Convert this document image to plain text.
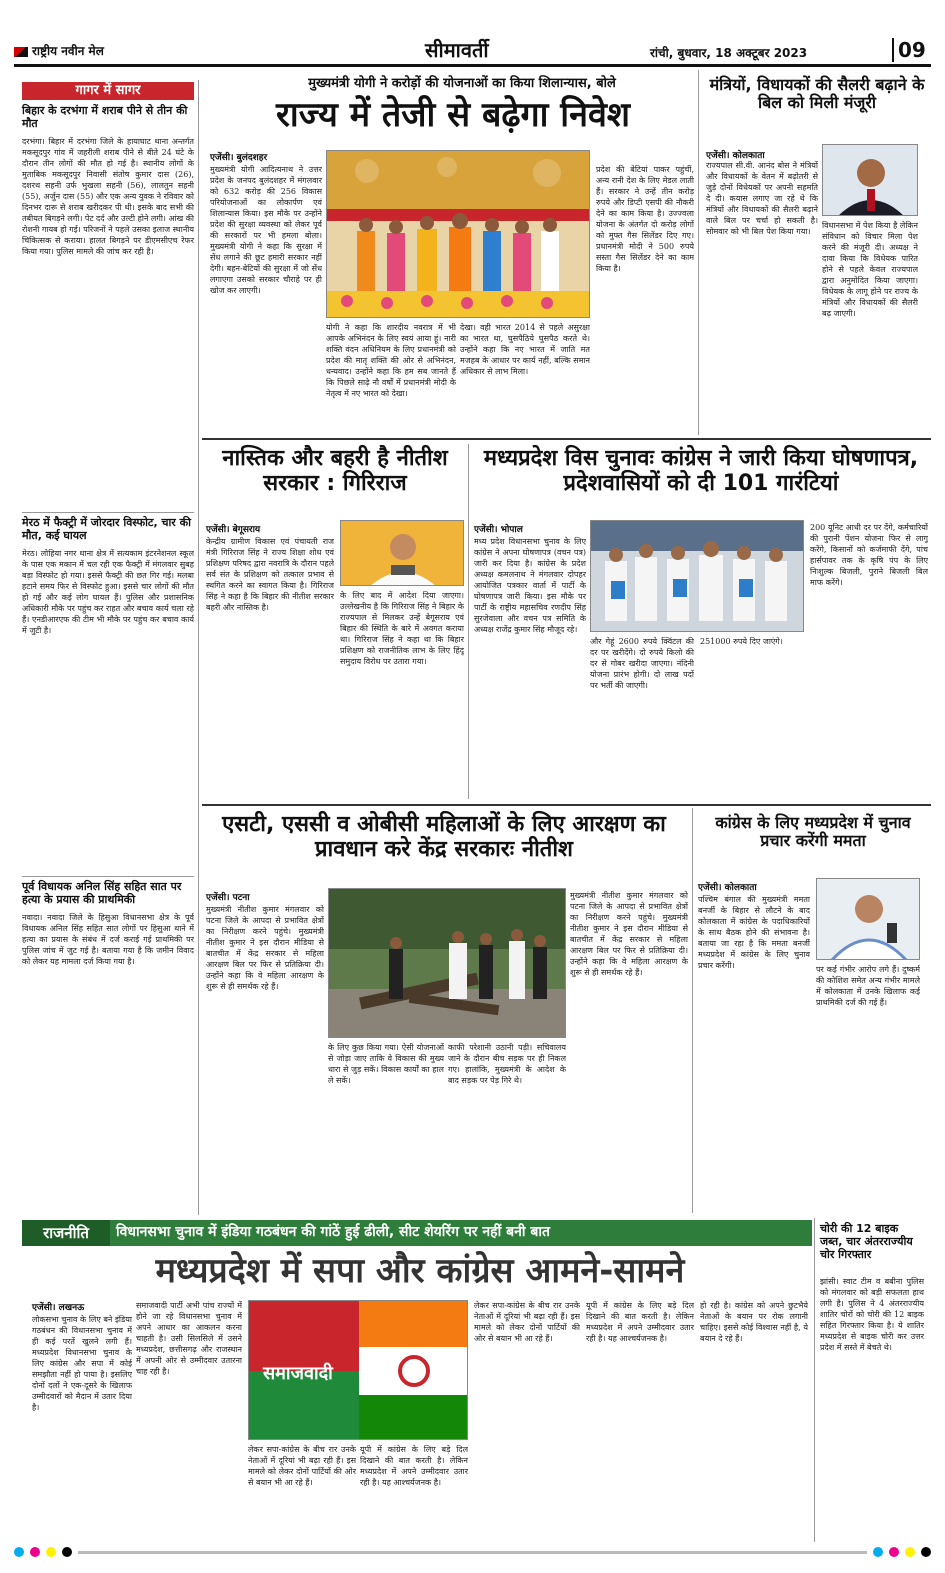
राष्ट्रीय नवीन मेल	सीमावर्ती	रांची, बुधवार, 18 अक्टूबर 2023	09
गागर में सागर
बिहार के दरभंगा में शराब पीने से तीन की मौत
दरभंगा। बिहार में दरभंगा जिले के हायाघाट थाना अन्तर्गत मकसूदपुर गांव में जहरीली शराब पीने से बीते 24 घंटे के दौरान तीन लोगों की मौत हो गई है। स्थानीय लोगों के मुताबिक मकसूदपुर निवासी संतोष कुमार दास (26), दशरथ सहनी उर्फ भुखला सहनी (56), लालतुन सहनी (55), अर्जुन दास (55) और एक अन्य युवक ने रविवार को दिनभर दारू से शराब खरीदकर पी थी। इसके बाद सभी की तबीयत बिगड़ने लगी। पेट दर्द और उल्टी होने लगी। आंख की रोशनी गायब हो गई। परिजनों ने पहले उसका इलाज स्थानीय चिकित्सक से कराया। हालत बिगड़ने पर डीएमसीएच रेफर किया गया। पुलिस मामले की जांच कर रही है।
मेरठ में फैक्ट्री में जोरदार विस्फोट, चार की मौत, कई घायल
मेरठ। लोहिया नगर थाना क्षेत्र में सत्यकाम इंटरनेशनल स्कूल के पास एक मकान में चल रही एक फैक्ट्री में मंगलवार सुबह बड़ा विस्फोट हो गया। इससे फैक्ट्री की छत गिर गई। मलबा हटाने समय फिर से विस्फोट हुआ। इससे चार लोगों की मौत हो गई और कई लोग घायल हैं। पुलिस और प्रशासनिक अधिकारी मौके पर पहुंच कर राहत और बचाव कार्य चला रहे हैं। एनडीआरएफ की टीम भी मौके पर पहुंच कर बचाव कार्य में जुटी है।
पूर्व विधायक अनिल सिंह सहित सात पर हत्या के प्रयास की प्राथमिकी
नवादा। नवादा जिले के हिसुआ विधानसभा क्षेत्र के पूर्व विधायक अनिल सिंह सहित सात लोगों पर हिसुआ थाने में हत्या का प्रयास के संबंध में दर्ज कराई गई प्राथमिकी पर पुलिस जांच में जुट गई है। बताया गया है कि जमीन विवाद को लेकर यह मामला दर्ज किया गया है।
मुख्यमंत्री योगी ने करोड़ों की योजनाओं का किया शिलान्यास, बोले
राज्य में तेजी से बढ़ेगा निवेश
एजेंसी। बुलंदशहर
मुख्यमंत्री योगी आदित्यनाथ ने उत्तर प्रदेश के जनपद बुलंदशहर में मंगलवार को 632 करोड़ की 256 विकास परियोजनाओं का लोकार्पण एवं शिलान्यास किया। इस मौके पर उन्होंने प्रदेश की सुरक्षा व्यवस्था को लेकर पूर्व की सरकारों पर भी हमला बोला। मुख्यमंत्री योगी ने कहा कि सुरक्षा में सेंध लगाने की छूट हमारी सरकार नहीं देगी। बहन-बेटियों की सुरक्षा में जो सेंध लगाएगा उसको सरकार चौराहे पर ही खोज कर लाएगी।
योगी ने कहा कि शारदीय नवरात्र में भी आपके अभिनंदन के लिए स्वयं आया हूं। नारी शक्ति वंदन अधिनियम के लिए प्रधानमंत्री को प्रदेश की मातृ शक्ति की ओर से अभिनंदन, धन्यवाद। उन्होंने कहा कि हम सब जानते हैं कि पिछले साढ़े नौ वर्षों में प्रधानमंत्री मोदी के नेतृत्व में नए भारत को देखा।
देखा। वही भारत 2014 से पहले असुरक्षा का भारत था, घुसपैठिये घुसपैठ करते थे। उन्होंने कहा कि नए भारत में जाति मत मजहब के आधार पर कार्य नहीं, बल्कि समान अधिकार से लाभ मिला।
प्रदेश की बेटियां पाकर पहुंचीं, अन्य रानी देश के लिए मेडल लाती हैं। सरकार ने उन्हें तीन करोड़ रुपये और डिप्टी एसपी की नौकरी देने का काम किया है। उज्ज्वला योजना के अंतर्गत दो करोड़ लोगों को मुफ्त गैस सिलेंडर दिए गए। प्रधानमंत्री मोदी ने 500 रुपये सस्ता गैस सिलेंडर देने का काम किया है।
मंत्रियों, विधायकों की सैलरी बढ़ाने के बिल को मिली मंजूरी
एजेंसी। कोलकाता
राज्यपाल सी.वी. आनंद बोस ने मंत्रियों और विधायकों के वेतन में बढ़ोतरी से जुड़े दोनों विधेयकों पर अपनी सहमति दे दी। कयास लगाए जा रहे थे कि मंत्रियों और विधायकों की सैलरी बढ़ाने वाले बिल पर चर्चा हो सकती है। सोमवार को भी बिल पेश किया गया।
विधानसभा में पेश किया है लेकिन संविधान को विचार मिला पेश करने की मंजूरी दी। अध्यक्ष ने दावा किया कि विधेयक पारित होने से पहले केवल राज्यपाल द्वारा अनुमोदित किया जाएगा। विधेयक के लागू होने पर राज्य के मंत्रियों और विधायकों की सैलरी बढ़ जाएगी।
नास्तिक और बहरी है नीतीश सरकार : गिरिराज
एजेंसी। बेगूसराय
केन्द्रीय ग्रामीण विकास एवं पंचायती राज मंत्री गिरिराज सिंह ने राज्य शिक्षा शोध एवं प्रशिक्षण परिषद द्वारा नवरात्रि के दौरान पहले सर्व संत के प्रशिक्षण को तत्काल प्रभाव से स्थगित करने का स्वागत किया है। गिरिराज सिंह ने कहा है कि बिहार की नीतीश सरकार बहरी और नास्तिक है।
के लिए बाद में आदेश दिया जाएगा। उल्लेखनीय है कि गिरिराज सिंह ने बिहार के राज्यपाल से मिलकर उन्हें बेगूसराय एवं बिहार की स्थिति के बारे में अवगत कराया था। गिरिराज सिंह ने कहा था कि बिहार प्रशिक्षण को राजनीतिक लाभ के लिए हिंदू समुदाय विरोध पर उतारा गया।
मध्यप्रदेश विस चुनावः कांग्रेस ने जारी किया घोषणापत्र, प्रदेशवासियों को दी 101 गारंटियां
एजेंसी। भोपाल
मध्य प्रदेश विधानसभा चुनाव के लिए कांग्रेस ने अपना घोषणापत्र (वचन पत्र) जारी कर दिया है। कांग्रेस के प्रदेश अध्यक्ष कमलनाथ ने मंगलवार दोपहर आयोजित पत्रकार वार्ता में पार्टी के घोषणापत्र जारी किया। इस मौके पर पार्टी के राष्ट्रीय महासचिव रणदीप सिंह सुरजेवाला और वचन पत्र समिति के अध्यक्ष राजेंद्र कुमार सिंह मौजूद रहे।
और गेहूं 2600 रुपये क्विंटल की दर पर खरीदेंगे। दो रुपये किलो की दर से गोबर खरीदा जाएगा। नंदिनी योजना प्रारंभ होगी। दो लाख पदों पर भर्ती की जाएगी।
251000 रुपये दिए जाएंगे।
200 यूनिट आधी दर पर देंगे, कर्मचारियों की पुरानी पेंशन योजना फिर से लागू करेंगे, किसानों को कर्जमाफी देंगे, पांच हार्सपावर तक के कृषि पंप के लिए निःशुल्क बिजली, पुराने बिजली बिल माफ करेंगे।
एसटी, एससी व ओबीसी महिलाओं के लिए आरक्षण का प्रावधान करे केंद्र सरकारः नीतीश
एजेंसी। पटना
मुख्यमंत्री नीतीश कुमार मंगलवार को पटना जिले के आपदा से प्रभावित क्षेत्रों का निरीक्षण करने पहुंचे। मुख्यमंत्री नीतीश कुमार ने इस दौरान मीडिया से बातचीत में केंद्र सरकार से महिला आरक्षण बिल पर फिर से प्रतिक्रिया दी। उन्होंने कहा कि वे महिला आरक्षण के शुरू से ही समर्थक रहे हैं।
के लिए कुछ किया गया। ऐसी योजनाओं से जोड़ा जाए ताकि वे विकास की मुख्य धारा से जुड़ सकें। विकास कार्यों का हाल ले सकें।
काफी परेशानी उठानी पड़ी। सचिवालय जाने के दौरान बीच सड़क पर ही निकल गए। हालांकि, मुख्यमंत्री के आदेश के बाद सड़क पर पेड़ गिरे थे।
मुख्यमंत्री नीतीश कुमार मंगलवार को पटना जिले के आपदा से प्रभावित क्षेत्रों का निरीक्षण करने पहुंचे। मुख्यमंत्री नीतीश कुमार ने इस दौरान मीडिया से बातचीत में केंद्र सरकार से महिला आरक्षण बिल पर फिर से प्रतिक्रिया दी। उन्होंने कहा कि वे महिला आरक्षण के शुरू से ही समर्थक रहे हैं।
कांग्रेस के लिए मध्यप्रदेश में चुनाव प्रचार करेंगी ममता
एजेंसी। कोलकाता
पश्चिम बंगाल की मुख्यमंत्री ममता बनर्जी के बिहार से लौटने के बाद कोलकाता में कांग्रेस के पदाधिकारियों के साथ बैठक होने की संभावना है। बताया जा रहा है कि ममता बनर्जी मध्यप्रदेश में कांग्रेस के लिए चुनाव प्रचार करेंगी।	पर कई गंभीर आरोप लगे हैं। दुष्कर्म की कोशिश समेत अन्य गंभीर मामले में कोलकाता में उनके खिलाफ कई प्राथमिकी दर्ज की गई हैं।
राजनीति	विधानसभा चुनाव में इंडिया गठबंधन की गांठें हुई ढीली, सीट शेयरिंग पर नहीं बनी बात
मध्यप्रदेश में सपा और कांग्रेस आमने-सामने
एजेंसी। लखनऊ
लोकसभा चुनाव के लिए बने इंडिया गठबंधन की विधानसभा चुनाव में ही कई परतें खुलने लगी हैं। मध्यप्रदेश विधानसभा चुनाव के लिए कांग्रेस और सपा में कोई समझौता नहीं हो पाया है। इसलिए दोनों दलों ने एक-दूसरे के खिलाफ उम्मीदवारों को मैदान में उतार दिया है।
समाजवादी पार्टी अभी पांच राज्यों में होने जा रहे विधानसभा चुनाव में अपने आधार का आकलन करना चाहती है। उसी सिलसिले में उसने मध्यप्रदेश, छत्तीसगढ़ और राजस्थान में अपनी ओर से उम्मीदवार उतारना चाह रही है।	समाजवादी
लेकर सपा-कांग्रेस के बीच रार उनके नेताओं में दूरियां भी बढ़ा रही हैं। इस मामले को लेकर दोनों पार्टियों की ओर से बयान भी आ रहे हैं।
यूपी में कांग्रेस के लिए बड़े दिल दिखाने की बात करती है। लेकिन मध्यप्रदेश में अपने उम्मीदवार उतार रही है। यह आश्चर्यजनक है।
लेकर सपा-कांग्रेस के बीच रार उनके नेताओं में दूरियां भी बढ़ा रही हैं। इस मामले को लेकर दोनों पार्टियों की ओर से बयान भी आ रहे हैं।
यूपी में कांग्रेस के लिए बड़े दिल दिखाने की बात करती है। लेकिन मध्यप्रदेश में अपने उम्मीदवार उतार रही है। यह आश्चर्यजनक है।
हो रही है। कांग्रेस को अपने छुटभैये नेताओं के बयान पर रोक लगानी चाहिए। इससे कोई विश्वास नहीं है, ये बयान दे रहे हैं।
चोरी की 12 बाइक जब्त, चार अंतरराज्यीय चोर गिरफ्तार
झांसी। स्वाट टीम व बबीना पुलिस को मंगलवार को बड़ी सफलता हाथ लगी है। पुलिस ने 4 अंतरराज्यीय शातिर चोरों को चोरी की 12 बाइक सहित गिरफ्तार किया है। ये शातिर मध्यप्रदेश से बाइक चोरी कर उत्तर प्रदेश में सस्ते में बेचते थे।
